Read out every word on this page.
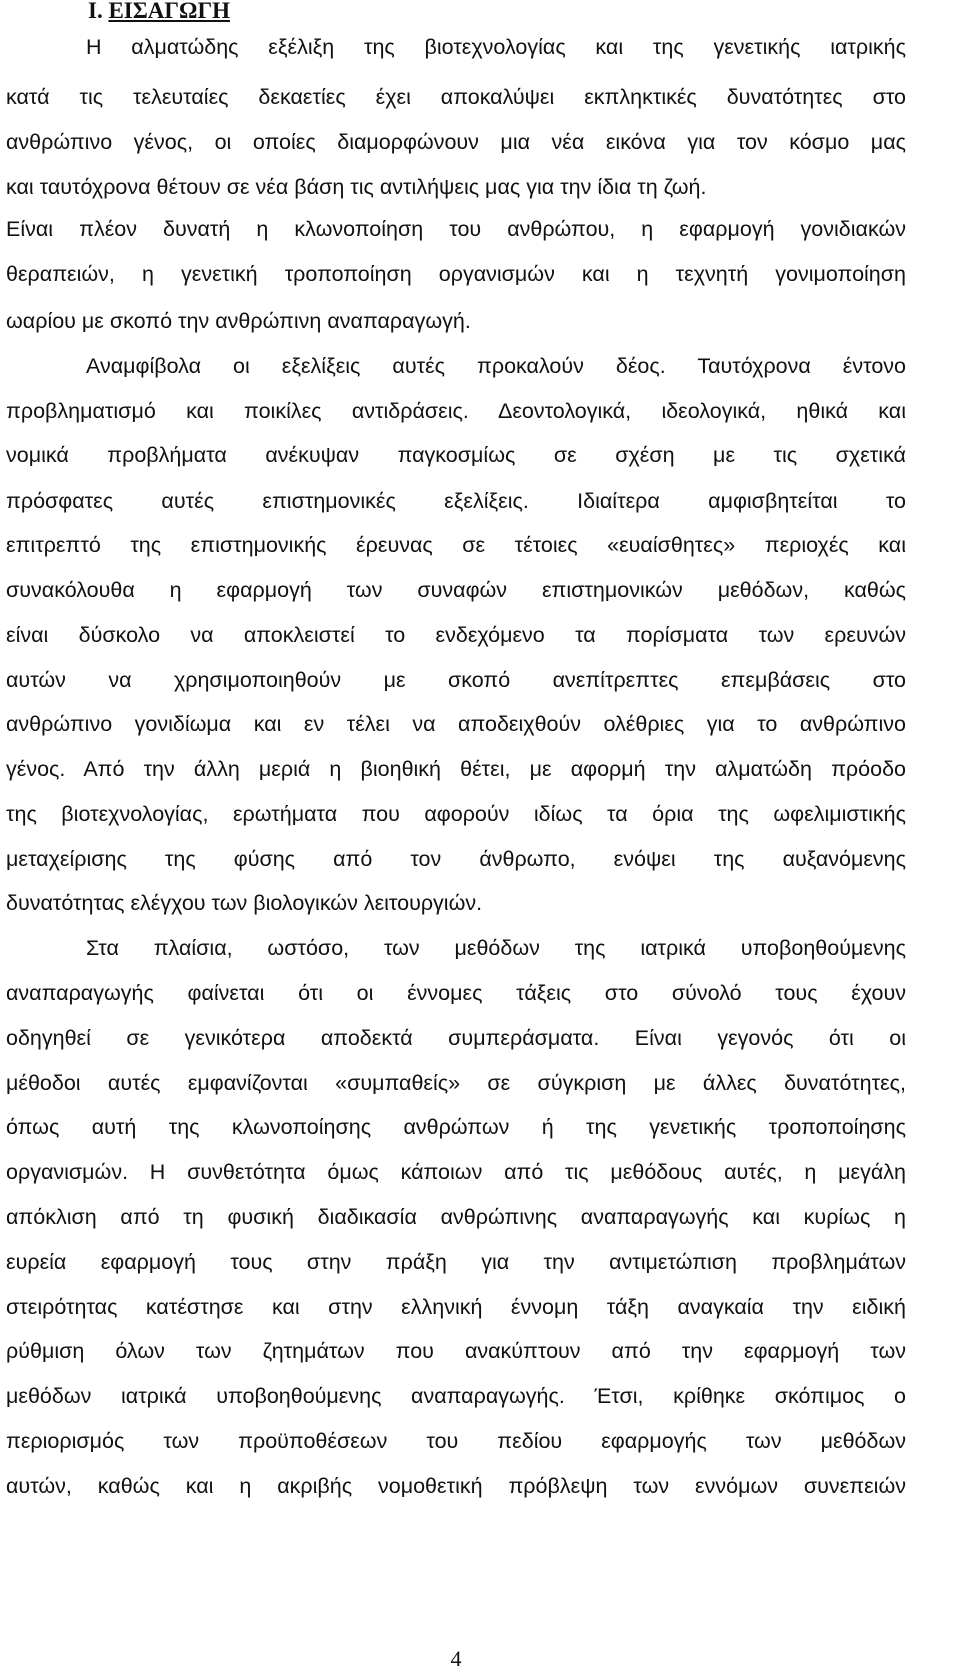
I. ΕΙΣΑΓΩΓΗ
Η αλματώδης εξέλιξη της βιοτεχνολογίας και της γενετικής ιατρικής
κατά τις τελευταίες δεκαετίες έχει αποκαλύψει εκπληκτικές δυνατότητες στο
ανθρώπινο γένος, οι οποίες διαμορφώνουν μια νέα εικόνα για τον κόσμο μας
και ταυτόχρονα θέτουν σε νέα βάση τις αντιλήψεις μας για την ίδια τη ζωή.
Είναι πλέον δυνατή η κλωνοποίηση του ανθρώπου, η εφαρμογή γονιδιακών
θεραπειών, η γενετική τροποποίηση οργανισμών και η τεχνητή γονιμοποίηση
ωαρίου με σκοπό την ανθρώπινη αναπαραγωγή.
Αναμφίβολα οι εξελίξεις αυτές προκαλούν δέος. Ταυτόχρονα έντονο
προβληματισμό και ποικίλες αντιδράσεις. Δεοντολογικά, ιδεολογικά, ηθικά και
νομικά προβλήματα ανέκυψαν παγκοσμίως σε σχέση με τις σχετικά
πρόσφατες αυτές επιστημονικές εξελίξεις. Ιδιαίτερα αμφισβητείται το
επιτρεπτό της επιστημονικής έρευνας σε τέτοιες «ευαίσθητες» περιοχές και
συνακόλουθα η εφαρμογή των συναφών επιστημονικών μεθόδων, καθώς
είναι δύσκολο να αποκλειστεί το ενδεχόμενο τα πορίσματα των ερευνών
αυτών να χρησιμοποιηθούν με σκοπό ανεπίτρεπτες επεμβάσεις στο
ανθρώπινο γονιδίωμα και εν τέλει να αποδειχθούν ολέθριες για το ανθρώπινο
γένος. Από την άλλη μεριά η βιοηθική θέτει, με αφορμή την αλματώδη πρόοδο
της βιοτεχνολογίας, ερωτήματα που αφορούν ιδίως τα όρια της ωφελιμιστικής
μεταχείρισης της φύσης από τον άνθρωπο, ενόψει της αυξανόμενης
δυνατότητας ελέγχου των βιολογικών λειτουργιών.
Στα πλαίσια, ωστόσο, των μεθόδων της ιατρικά υποβοηθούμενης
αναπαραγωγής φαίνεται ότι οι έννομες τάξεις στο σύνολό τους έχουν
οδηγηθεί σε γενικότερα αποδεκτά συμπεράσματα. Είναι γεγονός ότι οι
μέθοδοι αυτές εμφανίζονται «συμπαθείς» σε σύγκριση με άλλες δυνατότητες,
όπως αυτή της κλωνοποίησης ανθρώπων ή της γενετικής τροποποίησης
οργανισμών. Η συνθετότητα όμως κάποιων από τις μεθόδους αυτές, η μεγάλη
απόκλιση από τη φυσική διαδικασία ανθρώπινης αναπαραγωγής και κυρίως η
ευρεία εφαρμογή τους στην πράξη για την αντιμετώπιση προβλημάτων
στειρότητας κατέστησε και στην ελληνική έννομη τάξη αναγκαία την ειδική
ρύθμιση όλων των ζητημάτων που ανακύπτουν από την εφαρμογή των
μεθόδων ιατρικά υποβοηθούμενης αναπαραγωγής. Έτσι, κρίθηκε σκόπιμος ο
περιορισμός των προϋποθέσεων του πεδίου εφαρμογής των μεθόδων
αυτών, καθώς και η ακριβής νομοθετική πρόβλεψη των εννόμων συνεπειών
4
